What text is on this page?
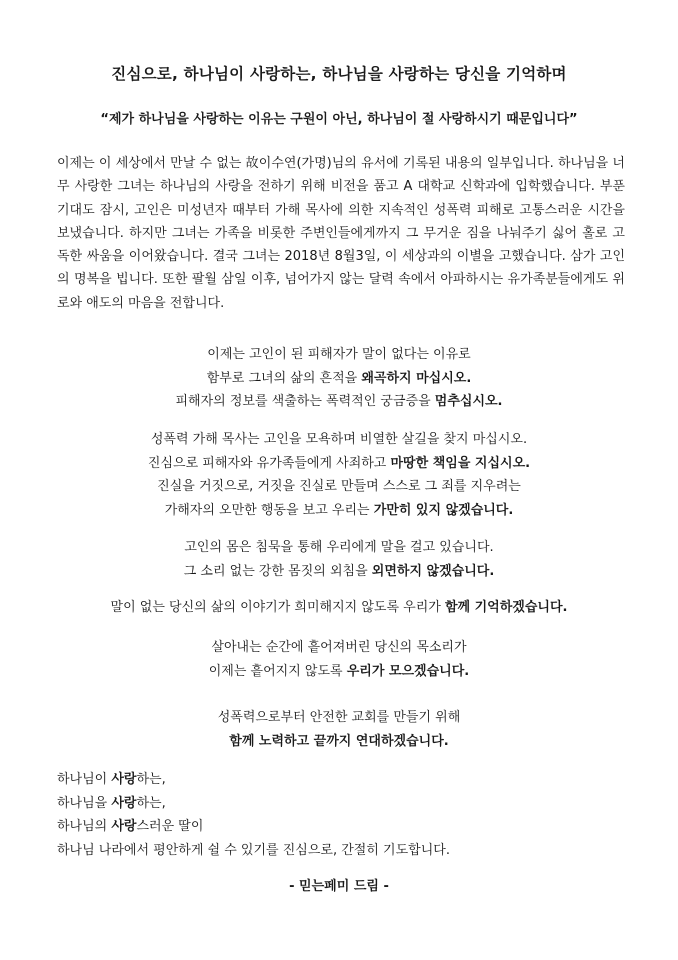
진심으로, 하나님이 사랑하는, 하나님을 사랑하는 당신을 기억하며
“제가 하나님을 사랑하는 이유는 구원이 아닌, 하나님이 절 사랑하시기 때문입니다”
이제는 이 세상에서 만날 수 없는 故이수연(가명)님의 유서에 기록된 내용의 일부입니다. 하나님을 너무 사랑한 그녀는 하나님의 사랑을 전하기 위해 비전을 품고 A 대학교 신학과에 입학했습니다. 부푼 기대도 잠시, 고인은 미성년자 때부터 가해 목사에 의한 지속적인 성폭력 피해로 고통스러운 시간을 보냈습니다. 하지만 그녀는 가족을 비롯한 주변인들에게까지 그 무거운 짐을 나눠주기 싫어 홀로 고독한 싸움을 이어왔습니다. 결국 그녀는 2018년 8월3일, 이 세상과의 이별을 고했습니다. 삼가 고인의 명복을 빕니다. 또한 팔월 삼일 이후, 넘어가지 않는 달력 속에서 아파하시는 유가족분들에게도 위로와 애도의 마음을 전합니다.
이제는 고인이 된 피해자가 말이 없다는 이유로
함부로 그녀의 삶의 흔적을 왜곡하지 마십시오.
피해자의 정보를 색출하는 폭력적인 궁금증을 멈추십시오.
성폭력 가해 목사는 고인을 모욕하며 비열한 살길을 찾지 마십시오.
진심으로 피해자와 유가족들에게 사죄하고 마땅한 책임을 지십시오.
진실을 거짓으로, 거짓을 진실로 만들며 스스로 그 죄를 지우려는
가해자의 오만한 행동을 보고 우리는 가만히 있지 않겠습니다.
고인의 몸은 침묵을 통해 우리에게 말을 걸고 있습니다.
그 소리 없는 강한 몸짓의 외침을 외면하지 않겠습니다.
말이 없는 당신의 삶의 이야기가 희미해지지 않도록 우리가 함께 기억하겠습니다.
살아내는 순간에 흩어져버린 당신의 목소리가
이제는 흩어지지 않도록 우리가 모으겠습니다.
성폭력으로부터 안전한 교회를 만들기 위해
함께 노력하고 끝까지 연대하겠습니다.
하나님이 사랑하는,
하나님을 사랑하는,
하나님의 사랑스러운 딸이
하나님 나라에서 평안하게 쉴 수 있기를 진심으로, 간절히 기도합니다.
- 믿는페미 드림 -
